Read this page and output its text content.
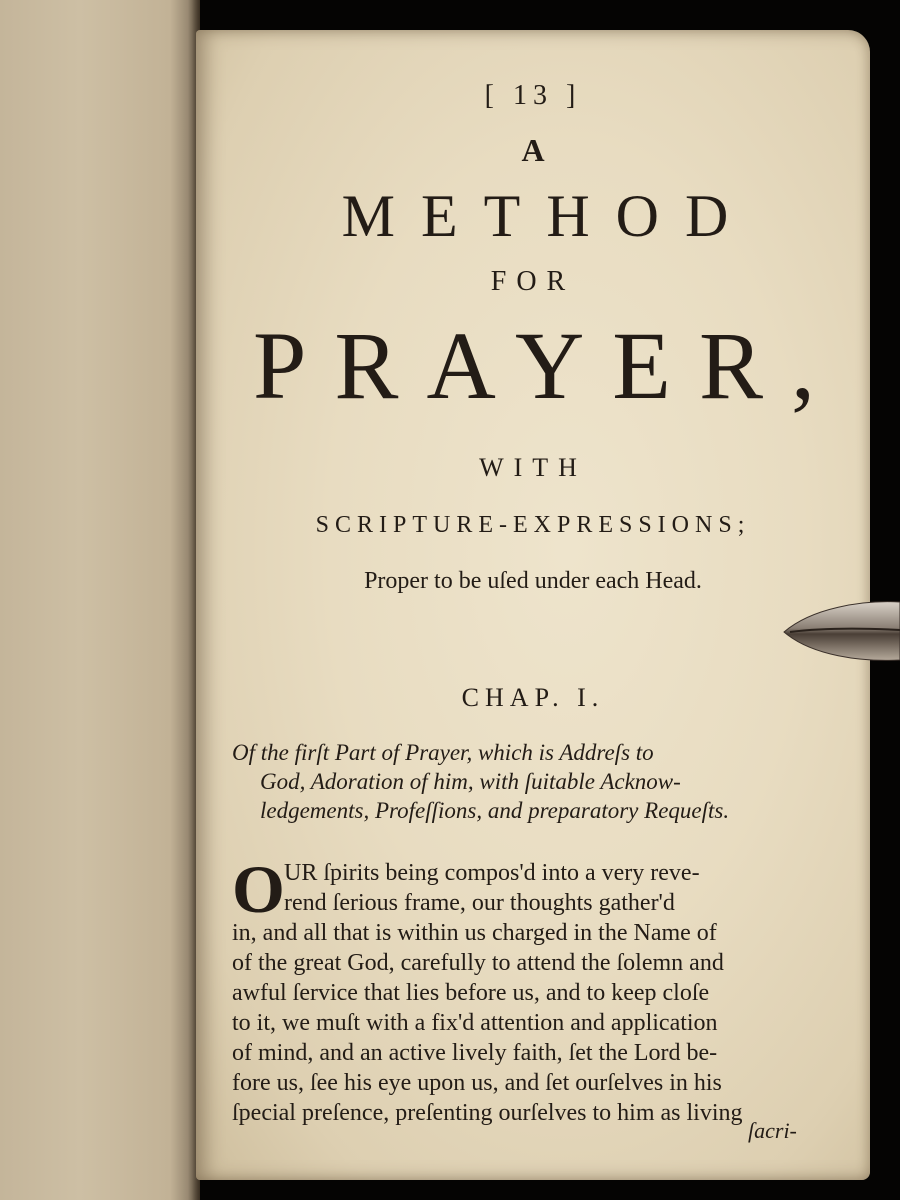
[ 13 ]
A
METHOD
FOR
PRAYER,
WITH
SCRIPTURE-EXPRESSIONS;
Proper to be uſed under each Head.
CHAP. I.
Of the firſt Part of Prayer, which is Addreſs to
God, Adoration of him, with ſuitable Acknow-
ledgements, Profeſſions, and preparatory Requeſts.
O UR ſpirits being compos'd into a very reve-
rend ſerious frame, our thoughts gather'd
in, and all that is within us charged in the Name of
of the great God, carefully to attend the ſolemn and
awful ſervice that lies before us, and to keep cloſe
to it, we muſt with a fix'd attention and application
of mind, and an active lively faith, ſet the Lord be-
fore us, ſee his eye upon us, and ſet ourſelves in his
ſpecial preſence, preſenting ourſelves to him as living
ſacri-
